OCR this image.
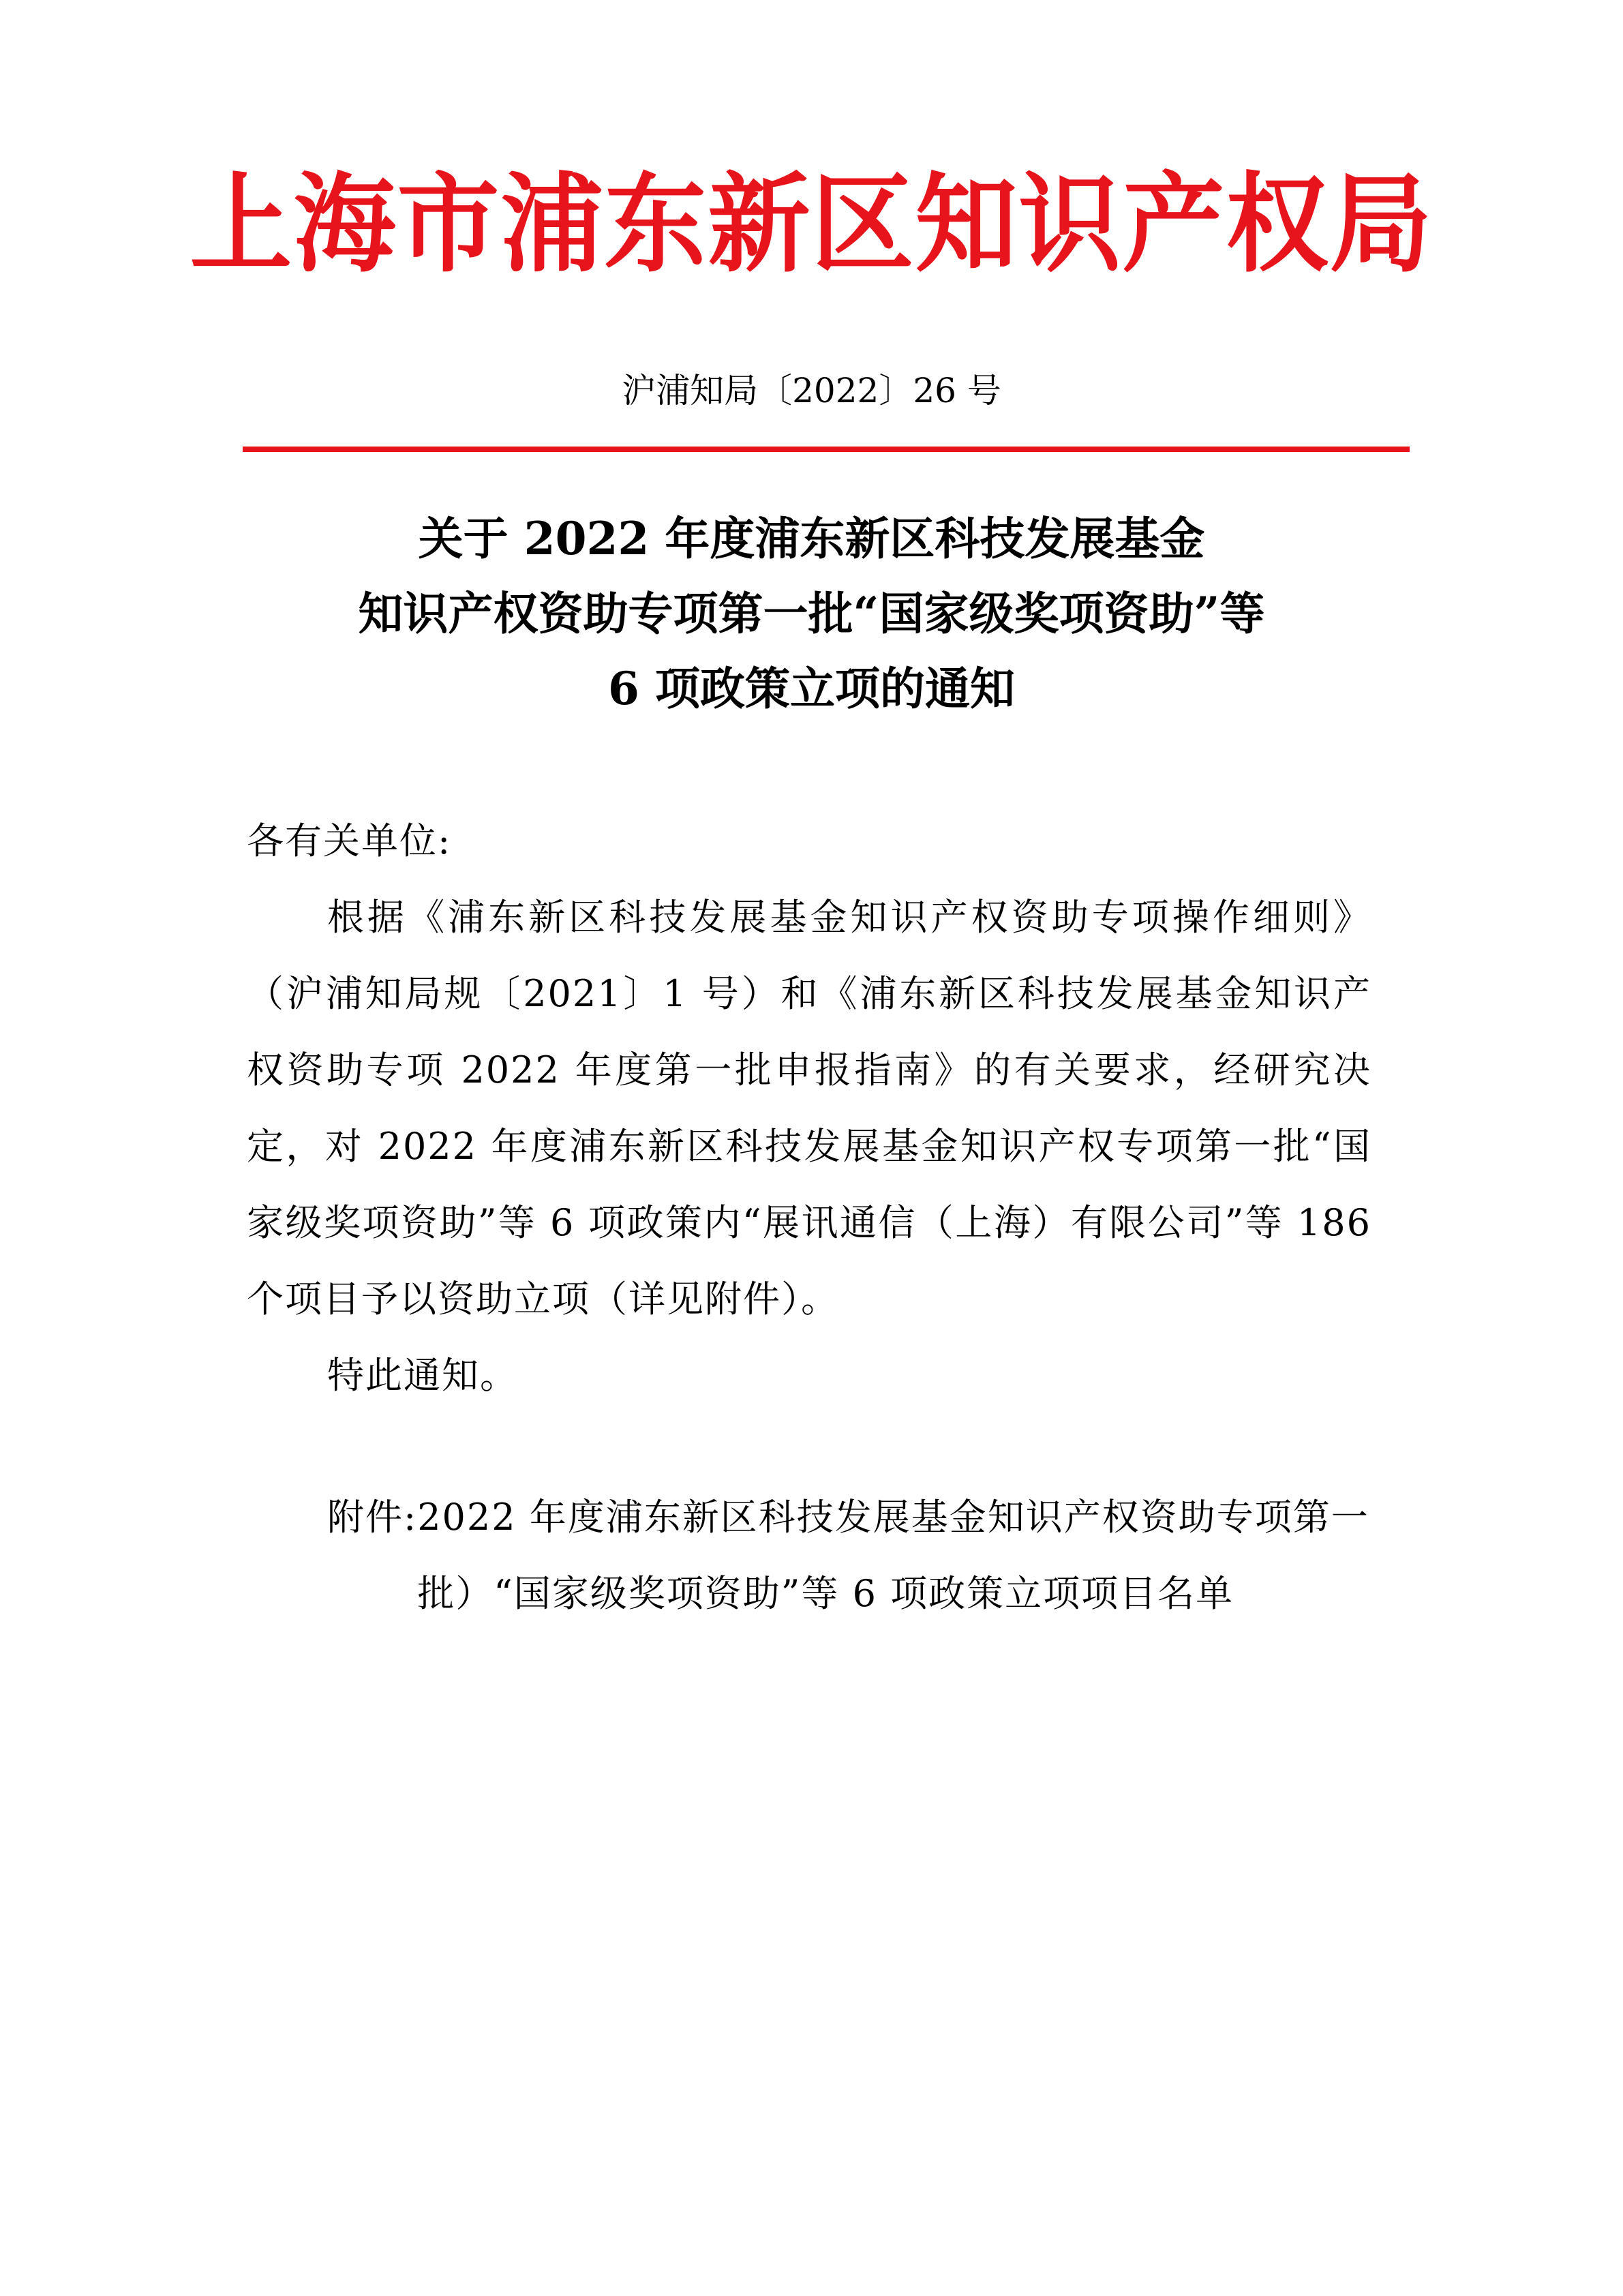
上海市浦东新区知识产权局

沪浦知局〔2022〕26 号

关于 2022 年度浦东新区科技发展基金
知识产权资助专项第一批“国家级奖项资助”等
6 项政策立项的通知

各有关单位:

根据《浦东新区科技发展基金知识产权资助专项操作细则》（沪浦知局规〔2021〕1 号）和《浦东新区科技发展基金知识产权资助专项 2022 年度第一批申报指南》的有关要求，经研究决定，对 2022 年度浦东新区科技发展基金知识产权专项第一批“国家级奖项资助”等 6 项政策内“展讯通信（上海）有限公司”等 186 个项目予以资助立项（详见附件）。

特此通知。

附件: 2022 年度浦东新区科技发展基金知识产权资助专项第一批）“国家级奖项资助”等 6 项政策立项项目名单
